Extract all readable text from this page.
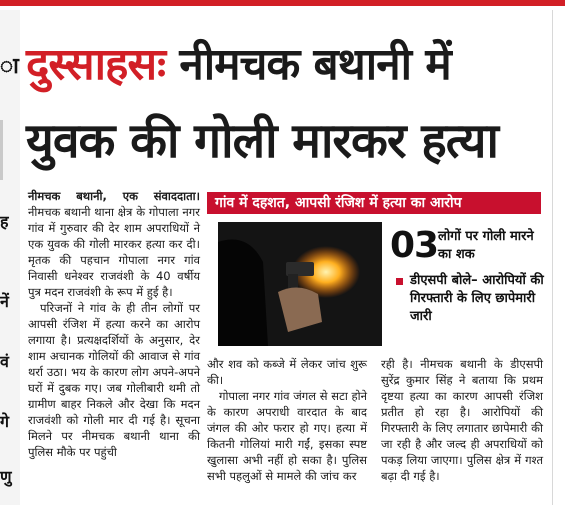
ा
ह
नें
वं
गे
णु
दुस्साहसः नीमचक बथानी में
युवक की गोली मारकर हत्या

नीमचक बथानी, एक संवाददाता। नीमचक बथानी थाना क्षेत्र के गोपाला नगर गांव में गुरुवार की देर शाम अपराधियों ने एक युवक की गोली मारकर हत्या कर दी। मृतक की पहचान गोपाला नगर गांव निवासी धनेश्वर राजवंशी के 40 वर्षीय पुत्र मदन राजवंशी के रूप में हुई है।

परिजनों ने गांव के ही तीन लोगों पर आपसी रंजिश में हत्या करने का आरोप लगाया है। प्रत्यक्षदर्शियों के अनुसार, देर शाम अचानक गोलियों की आवाज से गांव थर्रा उठा। भय के कारण लोग अपने-अपने घरों में दुबक गए। जब गोलीबारी थमी तो ग्रामीण बाहर निकले और देखा कि मदन राजवंशी को गोली मार दी गई है। सूचना मिलने पर नीमचक बथानी थाना की पुलिस मौके पर पहुंची

गांव में दहशत, आपसी रंजिश में हत्या का आरोप
03 लोगों पर गोली मारने का शक
डीएसपी बोले– आरोपियों की गिरफ्तारी के लिए छापेमारी जारी

और शव को कब्जे में लेकर जांच शुरू की।

गोपाला नगर गांव जंगल से सटा होने के कारण अपराधी वारदात के बाद जंगल की ओर फरार हो गए। हत्या में कितनी गोलियां मारी गईं, इसका स्पष्ट खुलासा अभी नहीं हो सका है। पुलिस सभी पहलुओं से मामले की जांच कर

रही है। नीमचक बथानी के डीएसपी सुरेंद्र कुमार सिंह ने बताया कि प्रथम दृष्टया हत्या का कारण आपसी रंजिश प्रतीत हो रहा है। आरोपियों की गिरफ्तारी के लिए लगातार छापेमारी की जा रही है और जल्द ही अपराधियों को पकड़ लिया जाएगा। पुलिस क्षेत्र में गश्त बढ़ा दी गई है।
